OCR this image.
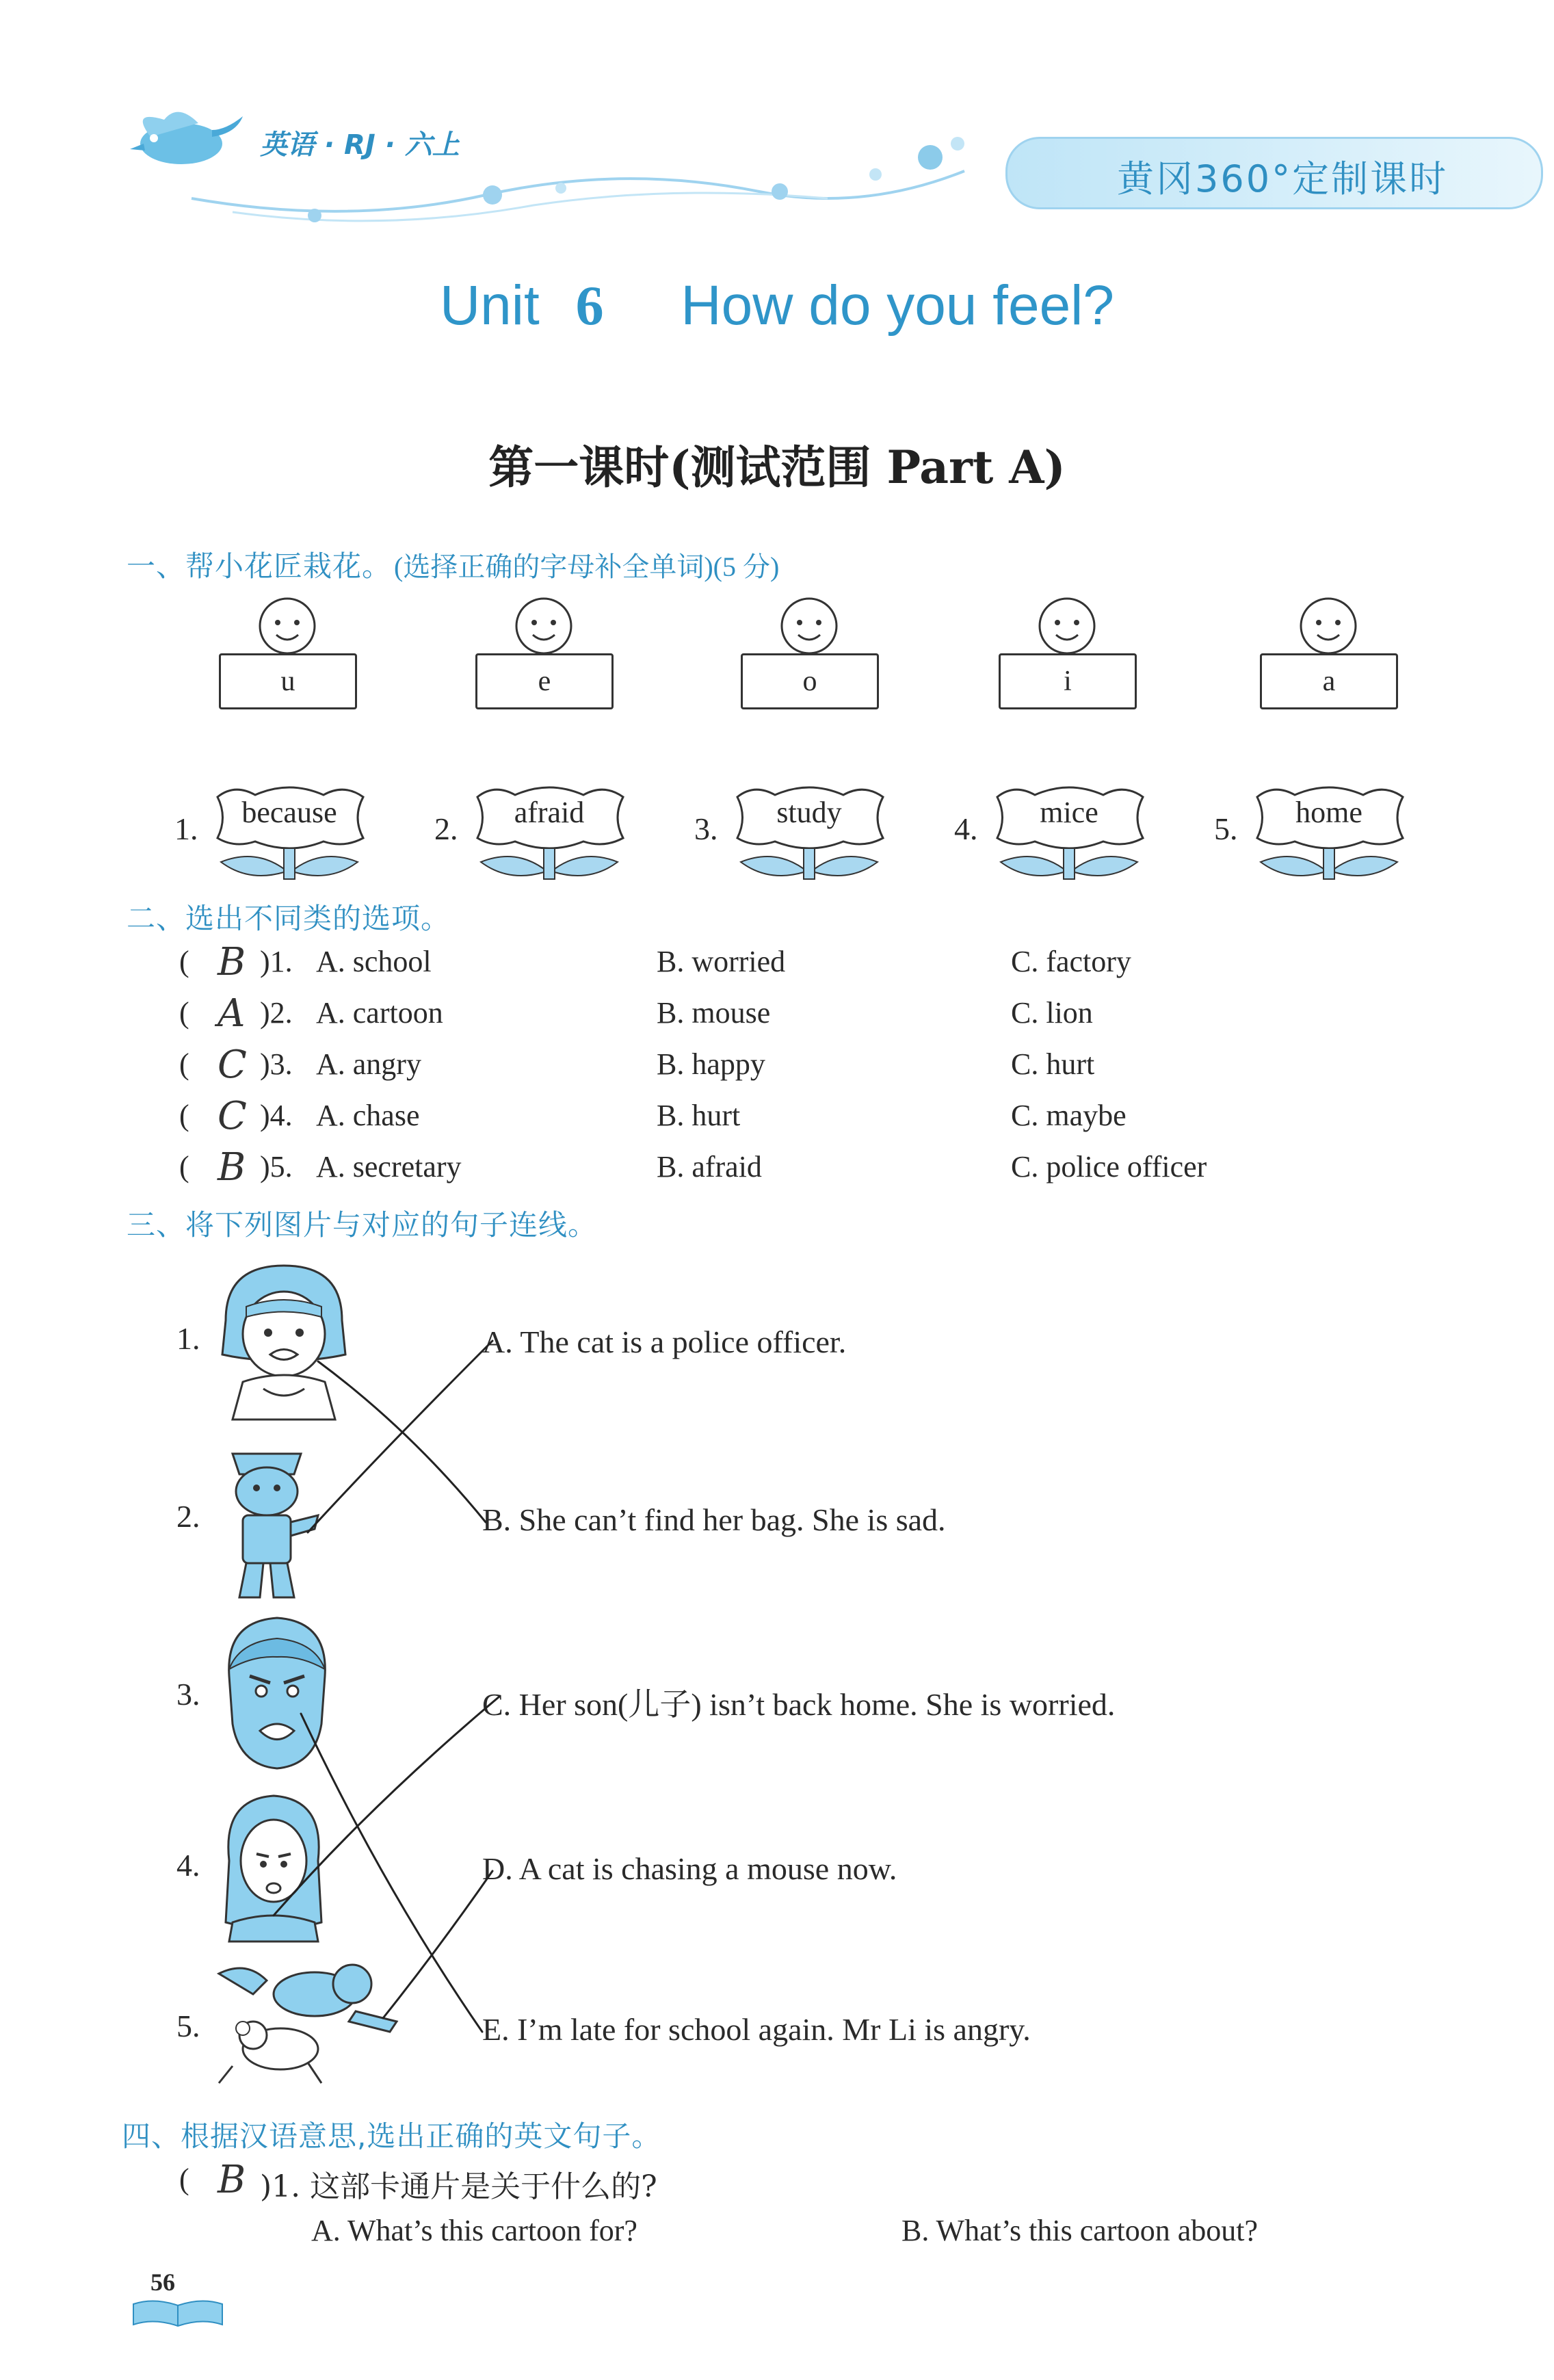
英语 · RJ · 六上
黄冈360°定制课时
Unit 6 How do you feel?
第一课时(测试范围 Part A)
一、帮小花匠栽花。 (选择正确的字母补全单词)(5 分)
u	e	o	i	a
1.	because	2.	afraid	3.	study	4.	mice	5.	home
二、选出不同类的选项。
( B )1. A. school	B. worried	C. factory
( A )2. A. cartoon	B. mouse	C. lion
( C )3. A. angry	B. happy	C. hurt
( C )4. A. chase	B. hurt	C. maybe
( B )5. A. secretary	B. afraid	C. police officer
三、将下列图片与对应的句子连线。
1.
2.
3.
4.
5.
A. The cat is a police officer.
B. She can’t find her bag. She is sad.
C. Her son(儿子) isn’t back home. She is worried.
D. A cat is chasing a mouse now.
E. I’m late for school again. Mr Li is angry.
四、根据汉语意思,选出正确的英文句子。
( B )1. 这部卡通片是关于什么的?
A. What’s this cartoon for?	B. What’s this cartoon about?
56
